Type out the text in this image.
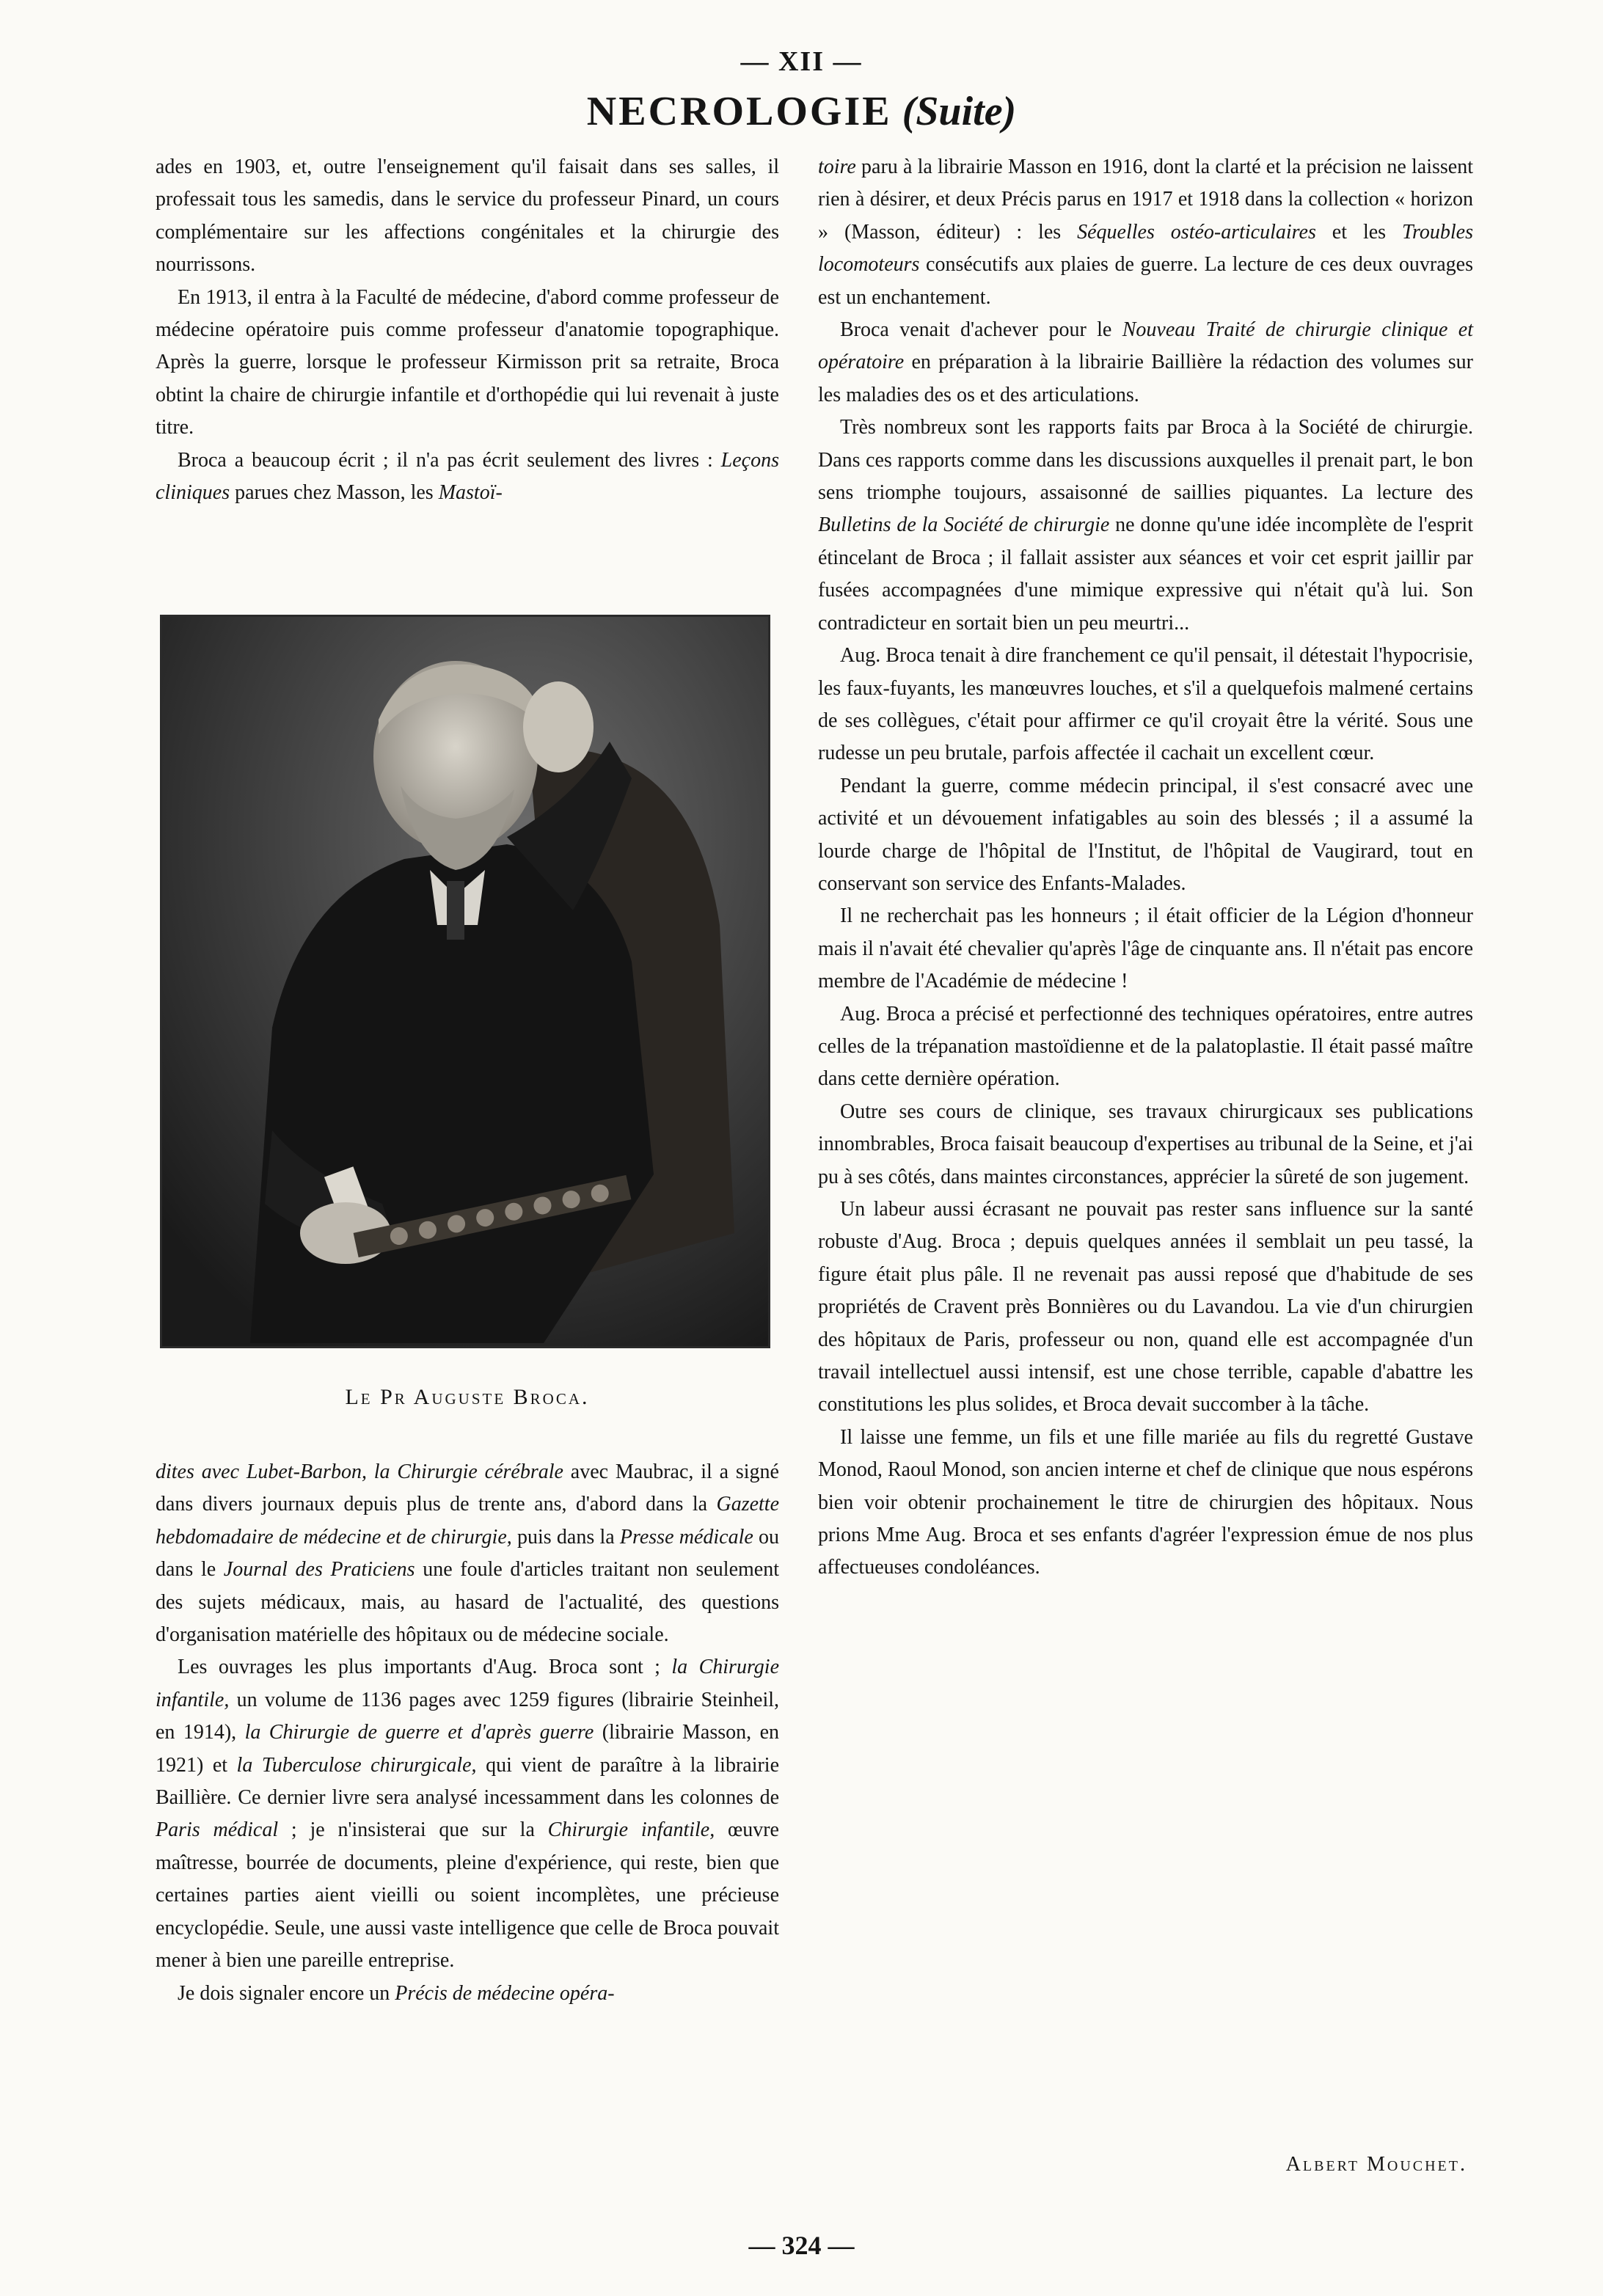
— XII —
NECROLOGIE (Suite)

ades en 1903, et, outre l'enseignement qu'il faisait dans ses salles, il professait tous les samedis, dans le service du professeur Pinard, un cours complémentaire sur les affections congénitales et la chirurgie des nourrissons.

En 1913, il entra à la Faculté de médecine, d'abord comme professeur de médecine opératoire puis comme professeur d'anatomie topographique. Après la guerre, lorsque le professeur Kirmisson prit sa retraite, Broca obtint la chaire de chirurgie infantile et d'orthopédie qui lui revenait à juste titre.

Broca a beaucoup écrit ; il n'a pas écrit seulement des livres : Leçons cliniques parues chez Masson, les Mastoï-

Le Pr Auguste Broca.

dites avec Lubet-Barbon, la Chirurgie cérébrale avec Maubrac, il a signé dans divers journaux depuis plus de trente ans, d'abord dans la Gazette hebdomadaire de médecine et de chirurgie, puis dans la Presse médicale ou dans le Journal des Praticiens une foule d'articles traitant non seulement des sujets médicaux, mais, au hasard de l'actualité, des questions d'organisation matérielle des hôpitaux ou de médecine sociale.

Les ouvrages les plus importants d'Aug. Broca sont ; la Chirurgie infantile, un volume de 1136 pages avec 1259 figures (librairie Steinheil, en 1914), la Chirurgie de guerre et d'après guerre (librairie Masson, en 1921) et la Tuberculose chirurgicale, qui vient de paraître à la librairie Baillière. Ce dernier livre sera analysé incessamment dans les colonnes de Paris médical ; je n'insisterai que sur la Chirurgie infantile, œuvre maîtresse, bourrée de documents, pleine d'expérience, qui reste, bien que certaines parties aient vieilli ou soient incomplètes, une précieuse encyclopédie. Seule, une aussi vaste intelligence que celle de Broca pouvait mener à bien une pareille entreprise.

Je dois signaler encore un Précis de médecine opéra-

toire paru à la librairie Masson en 1916, dont la clarté et la précision ne laissent rien à désirer, et deux Précis parus en 1917 et 1918 dans la collection « horizon » (Masson, éditeur) : les Séquelles ostéo-articulaires et les Troubles locomoteurs consécutifs aux plaies de guerre. La lecture de ces deux ouvrages est un enchantement.

Broca venait d'achever pour le Nouveau Traité de chirurgie clinique et opératoire en préparation à la librairie Baillière la rédaction des volumes sur les maladies des os et des articulations.

Très nombreux sont les rapports faits par Broca à la Société de chirurgie. Dans ces rapports comme dans les discussions auxquelles il prenait part, le bon sens triomphe toujours, assaisonné de saillies piquantes. La lecture des Bulletins de la Société de chirurgie ne donne qu'une idée incomplète de l'esprit étincelant de Broca ; il fallait assister aux séances et voir cet esprit jaillir par fusées accompagnées d'une mimique expressive qui n'était qu'à lui. Son contradicteur en sortait bien un peu meurtri...

Aug. Broca tenait à dire franchement ce qu'il pensait, il détestait l'hypocrisie, les faux-fuyants, les manœuvres louches, et s'il a quelquefois malmené certains de ses collègues, c'était pour affirmer ce qu'il croyait être la vérité. Sous une rudesse un peu brutale, parfois affectée il cachait un excellent cœur.

Pendant la guerre, comme médecin principal, il s'est consacré avec une activité et un dévouement infatigables au soin des blessés ; il a assumé la lourde charge de l'hôpital de l'Institut, de l'hôpital de Vaugirard, tout en conservant son service des Enfants-Malades.

Il ne recherchait pas les honneurs ; il était officier de la Légion d'honneur mais il n'avait été chevalier qu'après l'âge de cinquante ans. Il n'était pas encore membre de l'Académie de médecine !

Aug. Broca a précisé et perfectionné des techniques opératoires, entre autres celles de la trépanation mastoïdienne et de la palatoplastie. Il était passé maître dans cette dernière opération.

Outre ses cours de clinique, ses travaux chirurgicaux ses publications innombrables, Broca faisait beaucoup d'expertises au tribunal de la Seine, et j'ai pu à ses côtés, dans maintes circonstances, apprécier la sûreté de son jugement.

Un labeur aussi écrasant ne pouvait pas rester sans influence sur la santé robuste d'Aug. Broca ; depuis quelques années il semblait un peu tassé, la figure était plus pâle. Il ne revenait pas aussi reposé que d'habitude de ses propriétés de Cravent près Bonnières ou du Lavandou. La vie d'un chirurgien des hôpitaux de Paris, professeur ou non, quand elle est accompagnée d'un travail intellectuel aussi intensif, est une chose terrible, capable d'abattre les constitutions les plus solides, et Broca devait succomber à la tâche.

Il laisse une femme, un fils et une fille mariée au fils du regretté Gustave Monod, Raoul Monod, son ancien interne et chef de clinique que nous espérons bien voir obtenir prochainement le titre de chirurgien des hôpitaux. Nous prions Mme Aug. Broca et ses enfants d'agréer l'expression émue de nos plus affectueuses condoléances.

Albert Mouchet.
— 324 —
